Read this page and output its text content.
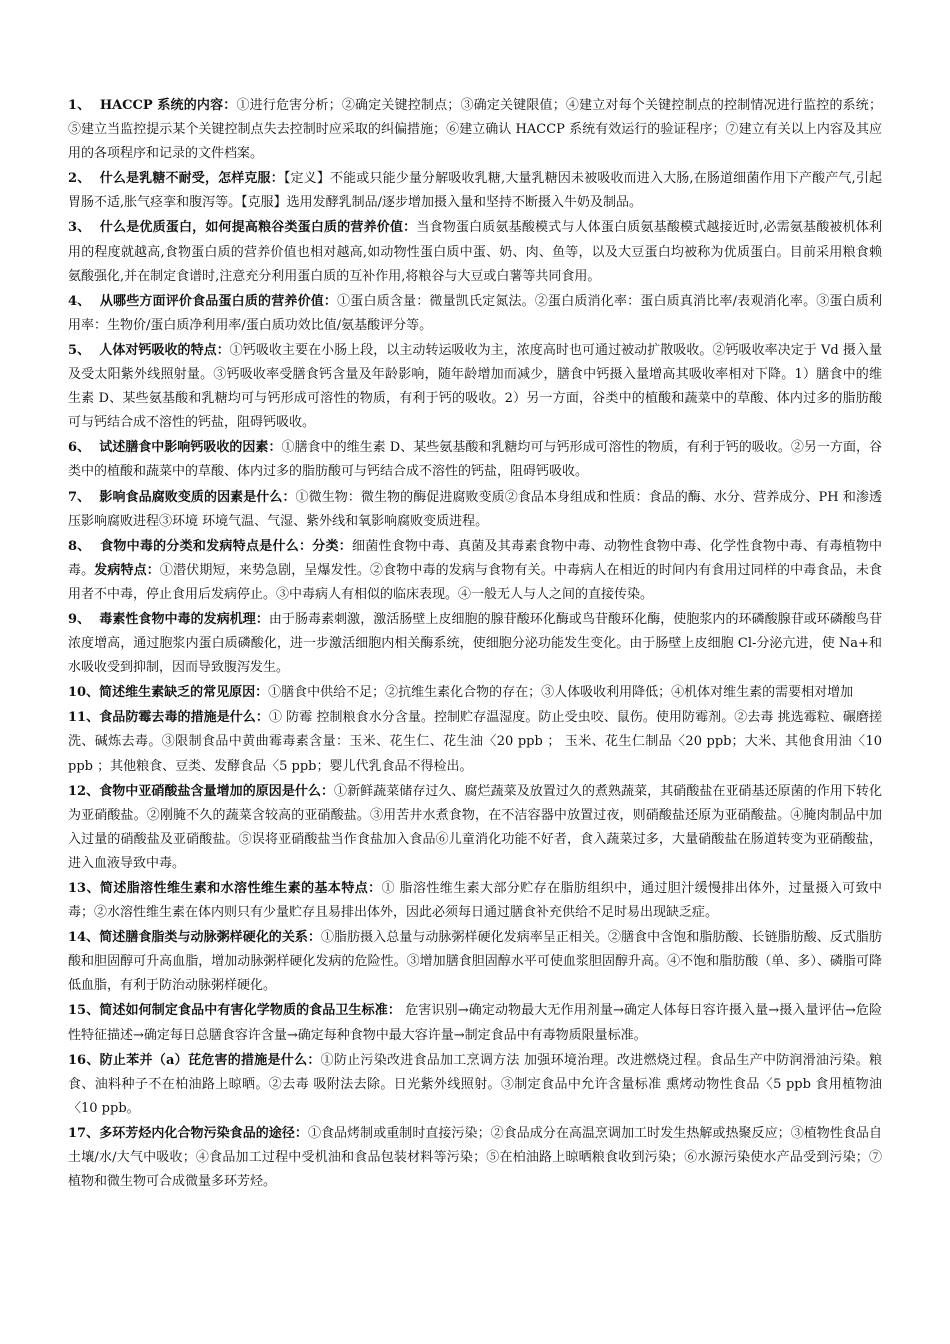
1、  HACCP 系统的内容：①进行危害分析；②确定关键控制点；③确定关键限值；④建立对每个关键控制点的控制情况进行监控的系统；⑤建立当监控提示某个关键控制点失去控制时应采取的纠偏措施；⑥建立确认 HACCP 系统有效运行的验证程序；⑦建立有关以上内容及其应用的各项程序和记录的文件档案。

2、  什么是乳糖不耐受，怎样克服：【定义】不能或只能少量分解吸收乳糖,大量乳糖因未被吸收而进入大肠,在肠道细菌作用下产酸产气,引起胃肠不适,胀气痉挛和腹泻等。【克服】选用发酵乳制品/逐步增加摄入量和坚持不断摄入牛奶及制品。

3、  什么是优质蛋白，如何提高粮谷类蛋白质的营养价值：当食物蛋白质氨基酸模式与人体蛋白质氨基酸模式越接近时,必需氨基酸被机体利用的程度就越高,食物蛋白质的营养价值也相对越高,如动物性蛋白质中蛋、奶、肉、鱼等，以及大豆蛋白均被称为优质蛋白。目前采用粮食赖氨酸强化,并在制定食谱时,注意充分利用蛋白质的互补作用,将粮谷与大豆或白薯等共同食用。

4、  从哪些方面评价食品蛋白质的营养价值：①蛋白质含量：微量凯氏定氮法。②蛋白质消化率：蛋白质真消比率/表观消化率。③蛋白质利用率：生物价/蛋白质净利用率/蛋白质功效比值/氨基酸评分等。

5、  人体对钙吸收的特点：①钙吸收主要在小肠上段，以主动转运吸收为主，浓度高时也可通过被动扩散吸收。②钙吸收率决定于 Vd 摄入量及受太阳紫外线照射量。③钙吸收率受膳食钙含量及年龄影响，随年龄增加而减少，膳食中钙摄入量增高其吸收率相对下降。1）膳食中的维生素 D、某些氨基酸和乳糖均可与钙形成可溶性的物质，有利于钙的吸收。2）另一方面，谷类中的植酸和蔬菜中的草酸、体内过多的脂肪酸可与钙结合成不溶性的钙盐，阻碍钙吸收。

6、  试述膳食中影响钙吸收的因素：①膳食中的维生素 D、某些氨基酸和乳糖均可与钙形成可溶性的物质，有利于钙的吸收。②另一方面，谷类中的植酸和蔬菜中的草酸、体内过多的脂肪酸可与钙结合成不溶性的钙盐，阻碍钙吸收。

7、  影响食品腐败变质的因素是什么：①微生物：微生物的酶促进腐败变质②食品本身组成和性质：食品的酶、水分、营养成分、PH 和渗透压影响腐败进程③环境 环境气温、气湿、紫外线和氧影响腐败变质进程。

8、  食物中毒的分类和发病特点是什么：分类：细菌性食物中毒、真菌及其毒素食物中毒、动物性食物中毒、化学性食物中毒、有毒植物中毒。发病特点：①潜伏期短，来势急剧，呈爆发性。②食物中毒的发病与食物有关。中毒病人在相近的时间内有食用过同样的中毒食品，未食用者不中毒，停止食用后发病停止。③中毒病人有相似的临床表现。④一般无人与人之间的直接传染。

9、  毒素性食物中毒的发病机理：由于肠毒素刺激，激活肠壁上皮细胞的腺苷酸环化酶或鸟苷酸环化酶，使胞浆内的环磷酸腺苷或环磷酸鸟苷浓度增高，通过胞浆内蛋白质磷酸化，进一步激活细胞内相关酶系统，使细胞分泌功能发生变化。由于肠壁上皮细胞 Cl-分泌亢进，使 Na+和水吸收受到抑制，因而导致腹泻发生。

10、简述维生素缺乏的常见原因：①膳食中供给不足；②抗维生素化合物的存在；③人体吸收利用降低；④机体对维生素的需要相对增加

11、食品防霉去毒的措施是什么：① 防霉 控制粮食水分含量。控制贮存温湿度。防止受虫咬、鼠伤。使用防霉剂。②去毒 挑选霉粒、碾磨搓洗、碱炼去毒。③限制食品中黄曲霉毒素含量：玉米、花生仁、花生油〈20 ppb ； 玉米、花生仁制品〈20 ppb；大米、其他食用油〈10 ppb ；其他粮食、豆类、发酵食品〈5 ppb；婴儿代乳食品不得检出。

12、食物中亚硝酸盐含量增加的原因是什么：①新鲜蔬菜储存过久、腐烂蔬菜及放置过久的煮熟蔬菜，其硝酸盐在亚硝基还原菌的作用下转化为亚硝酸盐。②刚腌不久的蔬菜含较高的亚硝酸盐。③用苦井水煮食物，在不洁容器中放置过夜，则硝酸盐还原为亚硝酸盐。④腌肉制品中加入过量的硝酸盐及亚硝酸盐。⑤误将亚硝酸盐当作食盐加入食品⑥儿童消化功能不好者，食入蔬菜过多，大量硝酸盐在肠道转变为亚硝酸盐，进入血液导致中毒。

13、简述脂溶性维生素和水溶性维生素的基本特点：① 脂溶性维生素大部分贮存在脂肪组织中，通过胆汁缓慢排出体外，过量摄入可致中毒；②水溶性维生素在体内则只有少量贮存且易排出体外，因此必须每日通过膳食补充供给不足时易出现缺乏症。

14、简述膳食脂类与动脉粥样硬化的关系：①脂肪摄入总量与动脉粥样硬化发病率呈正相关。②膳食中含饱和脂肪酸、长链脂肪酸、反式脂肪酸和胆固醇可升高血脂，增加动脉粥样硬化发病的危险性。③增加膳食胆固醇水平可使血浆胆固醇升高。④不饱和脂肪酸（单、多）、磷脂可降低血脂，有利于防治动脉粥样硬化。

15、简述如何制定食品中有害化学物质的食品卫生标准： 危害识别→确定动物最大无作用剂量→确定人体每日容许摄入量→摄入量评估→危险性特征描述→确定每日总膳食容许含量→确定每种食物中最大容许量→制定食品中有毒物质限量标准。

16、防止苯并（a）芘危害的措施是什么：①防止污染改进食品加工烹调方法 加强环境治理。改进燃烧过程。食品生产中防润滑油污染。粮食、油料种子不在柏油路上晾晒。②去毒 吸附法去除。日光紫外线照射。③制定食品中允许含量标准 熏烤动物性食品〈5 ppb 食用植物油 〈10 ppb。

17、多环芳烃内化合物污染食品的途径：①食品烤制或重制时直接污染；②食品成分在高温烹调加工时发生热解或热聚反应；③植物性食品自土壤/水/大气中吸收；④食品加工过程中受机油和食品包装材料等污染；⑤在柏油路上晾晒粮食收到污染；⑥水源污染使水产品受到污染；⑦植物和微生物可合成微量多环芳烃。
